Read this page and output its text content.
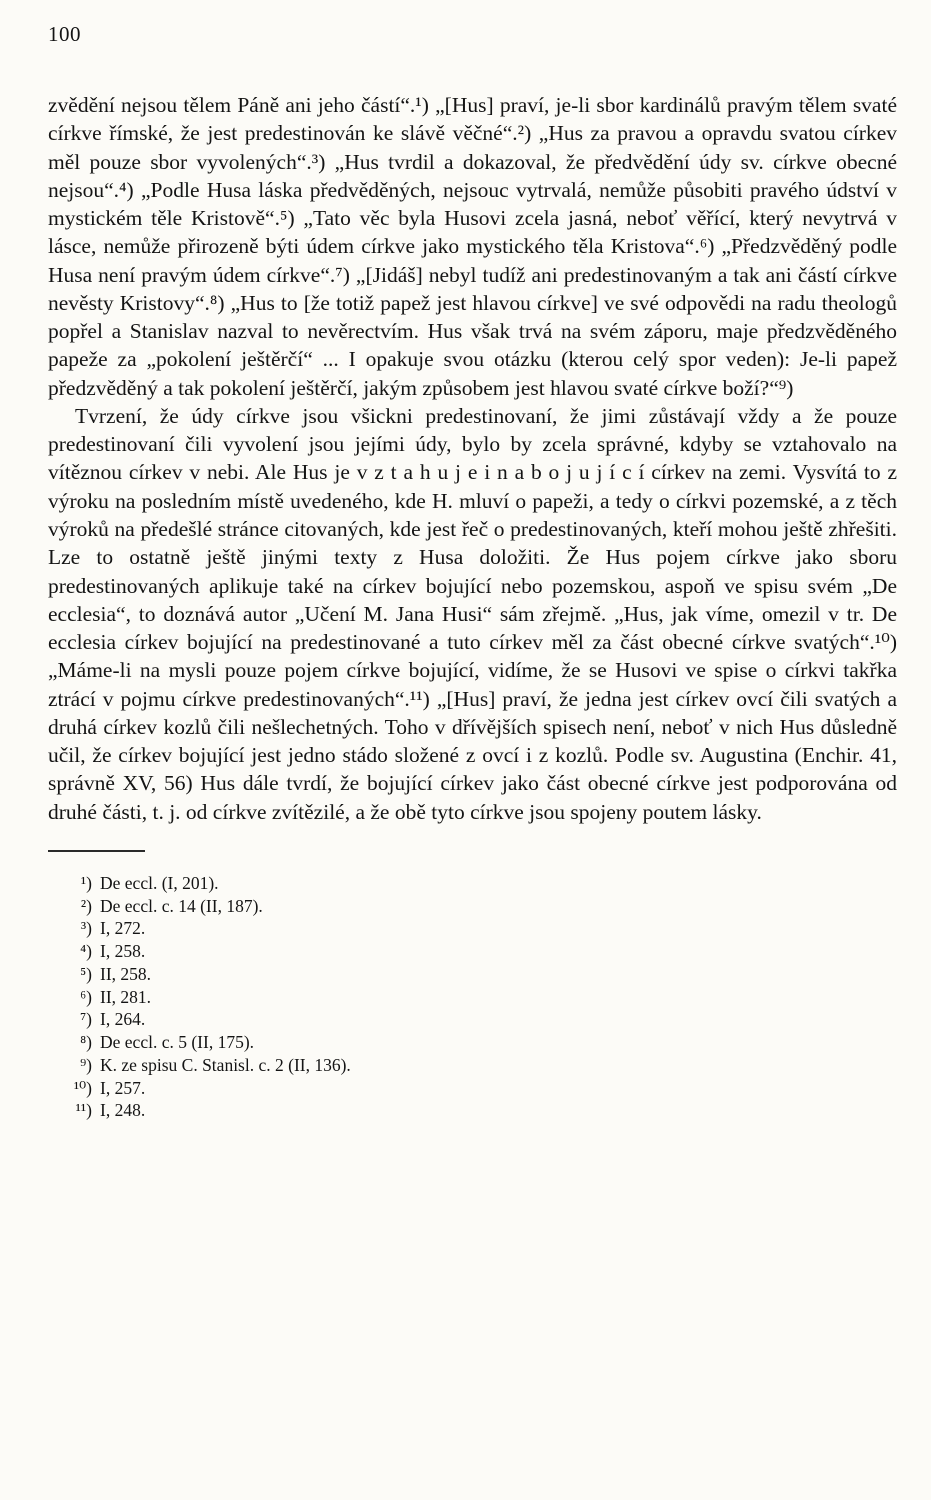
100

zvědění nejsou tělem Páně ani jeho částí“.¹) „[Hus] praví, je-li sbor kardinálů pravým tělem svaté církve římské, že jest predestinován ke slávě věčné“.²) „Hus za pravou a opravdu svatou církev měl pouze sbor vyvolených“.³) „Hus tvrdil a dokazoval, že předvědění údy sv. církve obecné nejsou“.⁴) „Podle Husa láska předvěděných, nejsouc vytrvalá, nemůže působiti pravého údství v mystickém těle Kristově“.⁵) „Tato věc byla Husovi zcela jasná, neboť věřící, který nevytrvá v lásce, nemůže přirozeně býti údem církve jako mystického těla Kristova“.⁶) „Předzvěděný podle Husa není pravým údem církve“.⁷) „[Jidáš] nebyl tudíž ani predestinovaným a tak ani částí církve nevěsty Kristovy“.⁸) „Hus to [že totiž papež jest hlavou církve] ve své odpovědi na radu theologů popřel a Stanislav nazval to nevěrectvím. Hus však trvá na svém záporu, maje předzvěděného papeže za „pokolení ještěrčí“ ... I opakuje svou otázku (kterou celý spor veden): Je-li papež předzvěděný a tak pokolení ještěrčí, jakým způsobem jest hlavou svaté církve boží?“⁹)

Tvrzení, že údy církve jsou všickni predestinovaní, že jimi zůstávají vždy a že pouze predestinovaní čili vyvolení jsou jejími údy, bylo by zcela správné, kdyby se vztahovalo na vítěznou církev v nebi. Ale Hus je v z t a h u j e i n a b o j u j í c í církev na zemi. Vysvítá to z výroku na posledním místě uvedeného, kde H. mluví o papeži, a tedy o církvi pozemské, a z těch výroků na předešlé stránce citovaných, kde jest řeč o predestinovaných, kteří mohou ještě zhřešiti. Lze to ostatně ještě jinými texty z Husa doložiti. Že Hus pojem církve jako sboru predestinovaných aplikuje také na církev bojující nebo pozemskou, aspoň ve spisu svém „De ecclesia“, to doznává autor „Učení M. Jana Husi“ sám zřejmě. „Hus, jak víme, omezil v tr. De ecclesia církev bojující na predestinované a tuto církev měl za část obecné církve svatých“.¹⁰) „Máme-li na mysli pouze pojem církve bojující, vidíme, že se Husovi ve spise o církvi takřka ztrácí v pojmu církve predestinovaných“.¹¹) „[Hus] praví, že jedna jest církev ovcí čili svatých a druhá církev kozlů čili nešlechetných. Toho v dřívějších spisech není, neboť v nich Hus důsledně učil, že církev bojující jest jedno stádo složené z ovcí i z kozlů. Podle sv. Augustina (Enchir. 41, správně XV, 56) Hus dále tvrdí, že bojující církev jako část obecné církve jest podporována od druhé části, t. j. od církve zvítězilé, a že obě tyto církve jsou spojeny poutem lásky.

¹) De eccl. (I, 201).
²) De eccl. c. 14 (II, 187).
³) I, 272.
⁴) I, 258.
⁵) II, 258.
⁶) II, 281.
⁷) I, 264.
⁸) De eccl. c. 5 (II, 175).
⁹) K. ze spisu C. Stanisl. c. 2 (II, 136).
¹⁰) I, 257.
¹¹) I, 248.
